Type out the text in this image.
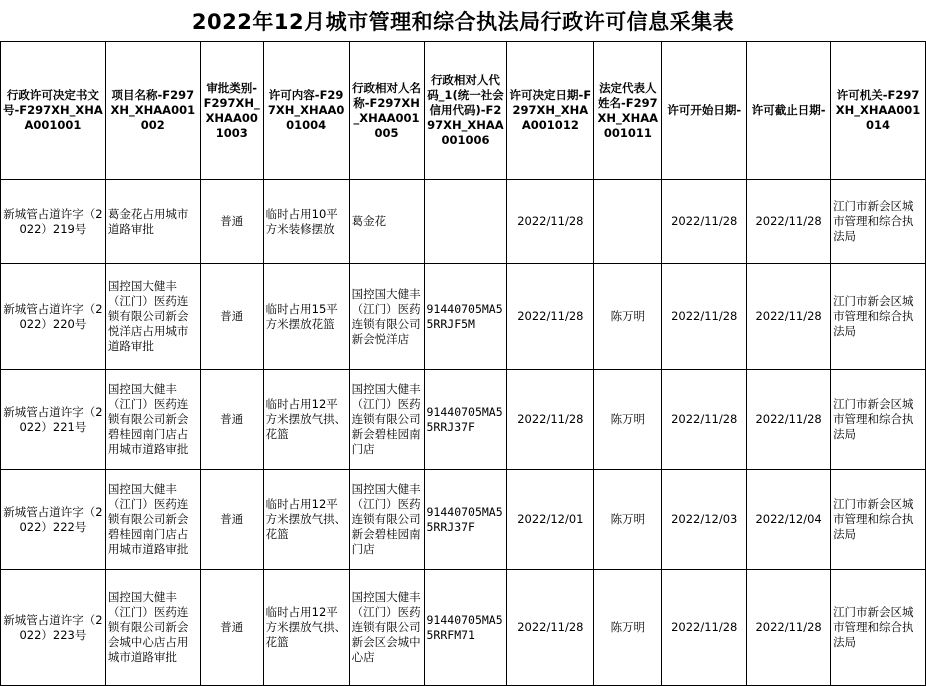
2022年12月城市管理和综合执法局行政许可信息采集表
行政许可决定书文号-F297XH_XHAA001001	项目名称-F297XH_XHAA001002	审批类别-F297XH_XHAA001003	许可内容-F297XH_XHAA001004	行政相对人名称-F297XH_XHAA001005	行政相对人代码_1(统一社会信用代码)-F297XH_XHAA001006	许可决定日期-F297XH_XHAA001012	法定代表人姓名-F297XH_XHAA001011	许可开始日期-	许可截止日期-	许可机关-F297XH_XHAA001014
新城管占道许字（2022）219号	葛金花占用城市道路审批	普通	临时占用10平方米装修摆放	葛金花		2022/11/28		2022/11/28	2022/11/28	江门市新会区城市管理和综合执法局
新城管占道许字（2022）220号	国控国大健丰（江门）医药连锁有限公司新会悦洋店占用城市道路审批	普通	临时占用15平方米摆放花篮	国控国大健丰（江门）医药连锁有限公司新会悦洋店	91440705MA55RRJF5M	2022/11/28	陈万明	2022/11/28	2022/11/28	江门市新会区城市管理和综合执法局
新城管占道许字（2022）221号	国控国大健丰（江门）医药连锁有限公司新会碧桂园南门店占用城市道路审批	普通	临时占用12平方米摆放气拱、花篮	国控国大健丰（江门）医药连锁有限公司新会碧桂园南门店	91440705MA55RRJ37F	2022/11/28	陈万明	2022/11/28	2022/11/28	江门市新会区城市管理和综合执法局
新城管占道许字（2022）222号	国控国大健丰（江门）医药连锁有限公司新会碧桂园南门店占用城市道路审批	普通	临时占用12平方米摆放气拱、花篮	国控国大健丰（江门）医药连锁有限公司新会碧桂园南门店	91440705MA55RRJ37F	2022/12/01	陈万明	2022/12/03	2022/12/04	江门市新会区城市管理和综合执法局
新城管占道许字（2022）223号	国控国大健丰（江门）医药连锁有限公司新会会城中心店占用城市道路审批	普通	临时占用12平方米摆放气拱、花篮	国控国大健丰（江门）医药连锁有限公司新会区会城中心店	91440705MA55RRFM71	2022/11/28	陈万明	2022/11/28	2022/11/28	江门市新会区城市管理和综合执法局
